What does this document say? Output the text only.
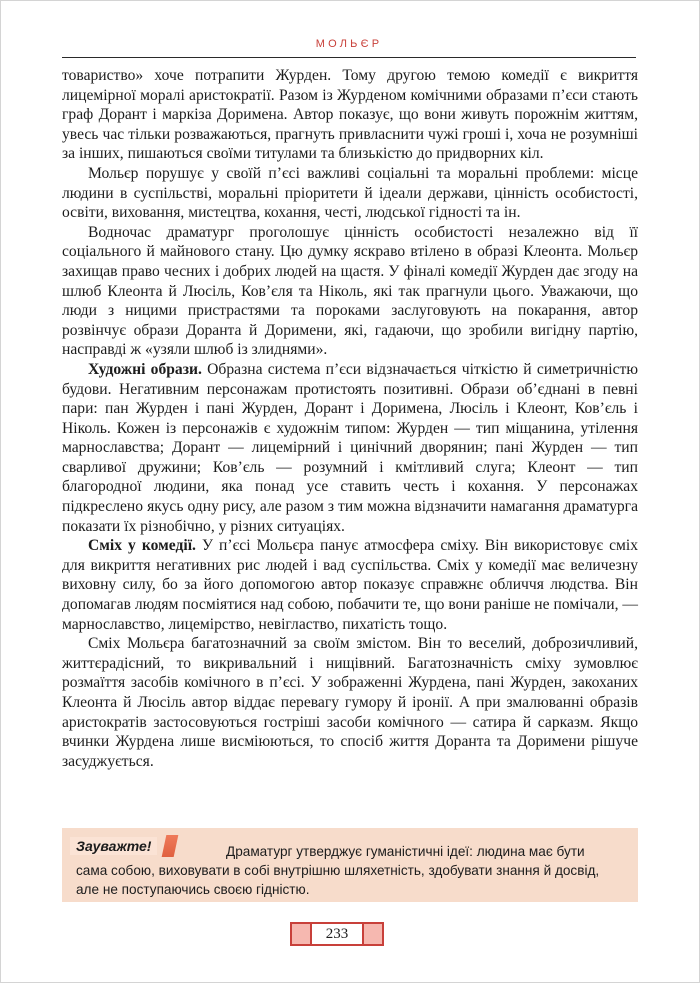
МОЛЬЄР

товариство» хоче потрапити Журден. Тому другою темою комедії є викриття лицемірної моралі аристократії. Разом із Журденом комічними образами п’єси стають граф Дорант і маркіза Доримена. Автор показує, що вони живуть порожнім життям, увесь час тільки розважаються, прагнуть привласнити чужі гроші і, хоча не розумніші за інших, пишаються своїми титулами та близькістю до придворних кіл.

Мольєр порушує у своїй п’єсі важливі соціальні та моральні проблеми: місце людини в суспільстві, моральні пріоритети й ідеали держави, цінність особистості, освіти, виховання, мистецтва, кохання, честі, людської гідності та ін.

Водночас драматург проголошує цінність особистості незалежно від її соціального й майнового стану. Цю думку яскраво втілено в образі Клеонта. Мольєр захищав право чесних і добрих людей на щастя. У фіналі комедії Журден дає згоду на шлюб Клеонта й Люсіль, Ков’єля та Ніколь, які так прагнули цього. Уважаючи, що люди з ницими пристрастями та пороками заслуговують на покарання, автор розвінчує образи Доранта й Доримени, які, гадаючи, що зробили вигідну партію, насправді ж «узяли шлюб із злиднями».

Художні образи. Образна система п’єси відзначається чіткістю й симетричністю будови. Негативним персонажам протистоять позитивні. Образи об’єднані в певні пари: пан Журден і пані Журден, Дорант і Доримена, Люсіль і Клеонт, Ков’єль і Ніколь. Кожен із персонажів є художнім типом: Журден — тип міщанина, утілення марнославства; Дорант — лицемірний і цинічний дворянин; пані Журден — тип сварливої дружини; Ков’єль — розумний і кмітливий слуга; Клеонт — тип благородної людини, яка понад усе ставить честь і кохання. У персонажах підкреслено якусь одну рису, але разом з тим можна відзначити намагання драматурга показати їх різнобічно, у різних ситуаціях.

Сміх у комедії. У п’єсі Мольєра панує атмосфера сміху. Він використовує сміх для викриття негативних рис людей і вад суспільства. Сміх у комедії має величезну виховну силу, бо за його допомогою автор показує справжнє обличчя людства. Він допомагав людям посміятися над собою, побачити те, що вони раніше не помічали, — марнославство, лицемірство, невігластво, пихатість тощо.

Сміх Мольєра багатозначний за своїм змістом. Він то веселий, доброзичливий, життєрадісний, то викривальний і нищівний. Багатозначність сміху зумовлює розмаїття засобів комічного в п’єсі. У зображенні Журдена, пані Журден, закоханих Клеонта й Люсіль автор віддає перевагу гумору й іронії. А при змалюванні образів аристократів застосовуються гостріші засоби комічного — сатира й сарказм. Якщо вчинки Журдена лише висміюються, то спосіб життя Доранта та Доримени рішуче засуджується.

Драматург утверджує гуманістичні ідеї: людина має бути сама собою, виховувати в собі внутрішню шляхетність, здобувати знання й досвід, але не поступаючись своєю гідністю.
Зауважте!
233
